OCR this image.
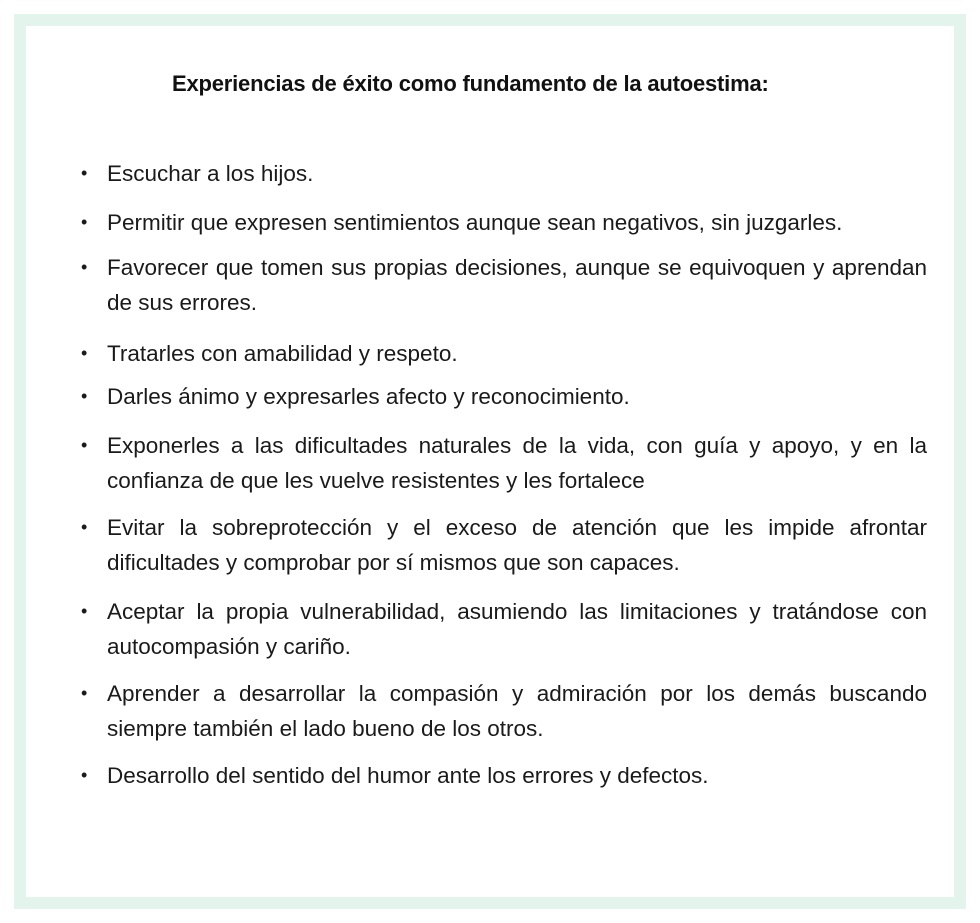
Experiencias de éxito como fundamento de la autoestima:
• Escuchar a los hijos.
• Permitir que expresen sentimientos aunque sean negativos, sin juzgarles.
• Favorecer que tomen sus propias decisiones, aunque se equivoquen y aprendan de sus errores.
• Tratarles con amabilidad y respeto.
• Darles ánimo y expresarles afecto y reconocimiento.
• Exponerles a las dificultades naturales de la vida, con guía y apoyo, y en la confianza de que les vuelve resistentes y les fortalece
• Evitar la sobreprotección y el exceso de atención que les impide afrontar dificultades y comprobar por sí mismos que son capaces.
• Aceptar la propia vulnerabilidad, asumiendo las limitaciones y tratándose con autocompasión y cariño.
• Aprender a desarrollar la compasión y admiración por los demás buscando siempre también el lado bueno de los otros.
• Desarrollo del sentido del humor ante los errores y defectos.
